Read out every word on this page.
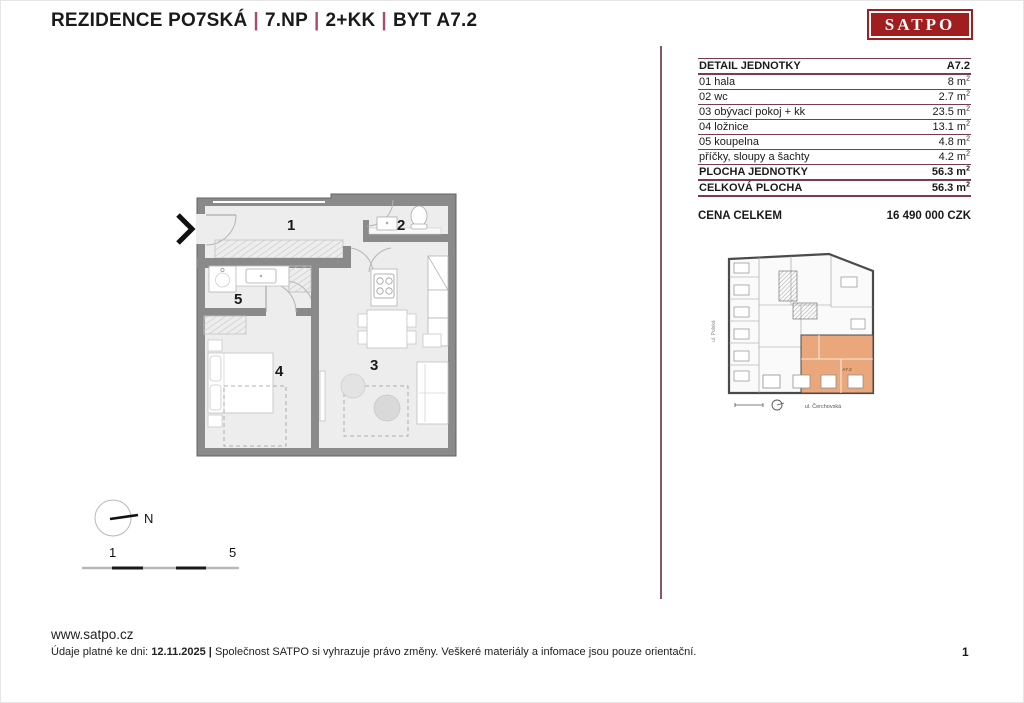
REZIDENCE PO7SKÁ | 7.NP | 2+KK | BYT A7.2	SATPO
DETAIL JEDNOTKY	A7.2
01 hala	8 $m^2$
02 wc	2.7 $m^2$
03 obývací pokoj + kk	23.5 $m^2$
04 ložnice	13.1 $m^2$
05 koupelna	4.8 $m^2$
příčky, sloupy a šachty	4.2 $m^2$
PLOCHA JEDNOTKY	56.3 $m^2$
CELKOVÁ PLOCHA	56.3 $m^2$
CENA CELKEM	16 490 000 CZK
1	2
3
4
5
A7.2
ul. Polská
ul. Čerchovská
N
1	5
www.satpo.cz
Údaje platné ke dni: 12.11.2025 | Společnost SATPO si vyhrazuje právo změny. Veškeré materiály a infomace jsou pouze orientační.	1
